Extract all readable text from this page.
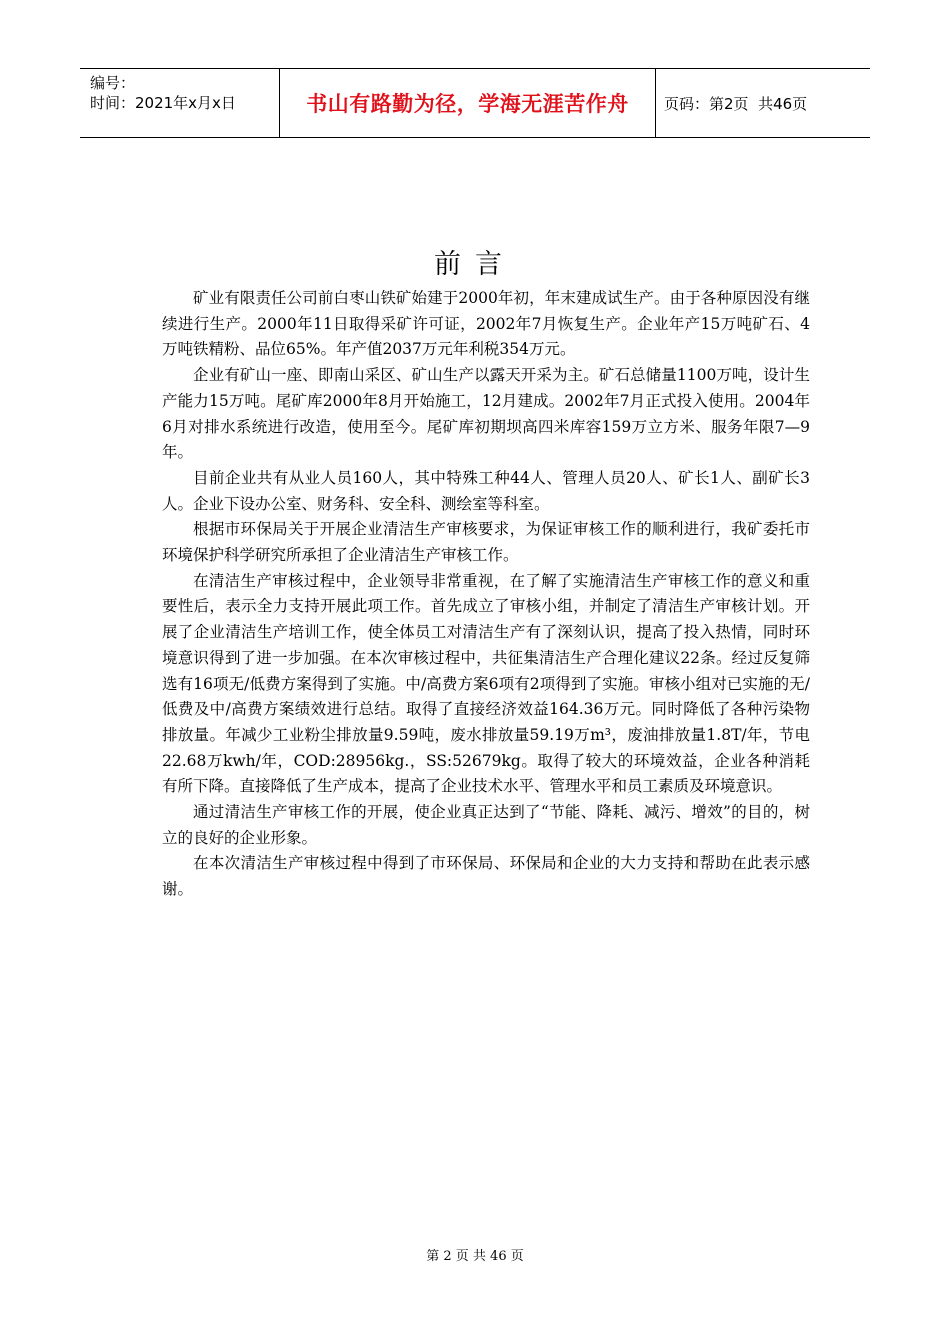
编号：
时间：2021年x月x日	书山有路勤为径，学海无涯苦作舟	页码：第2页  共46页
前言

矿业有限责任公司前白枣山铁矿始建于2000年初，年末建成试生产。由于各种原因没有继续进行生产。2000年11日取得采矿许可证，2002年7月恢复生产。企业年产15万吨矿石、4万吨铁精粉、品位65%。年产值2037万元年利税354万元。

企业有矿山一座、即南山采区、矿山生产以露天开采为主。矿石总储量1100万吨，设计生产能力15万吨。尾矿库2000年8月开始施工，12月建成。2002年7月正式投入使用。2004年6月对排水系统进行改造，使用至今。尾矿库初期坝高四米库容159万立方米、服务年限7—9年。

目前企业共有从业人员160人，其中特殊工种44人、管理人员20人、矿长1人、副矿长3人。企业下设办公室、财务科、安全科、测绘室等科室。

根据市环保局关于开展企业清洁生产审核要求，为保证审核工作的顺利进行，我矿委托市环境保护科学研究所承担了企业清洁生产审核工作。

在清洁生产审核过程中，企业领导非常重视，在了解了实施清洁生产审核工作的意义和重要性后，表示全力支持开展此项工作。首先成立了审核小组，并制定了清洁生产审核计划。开展了企业清洁生产培训工作，使全体员工对清洁生产有了深刻认识，提高了投入热情，同时环境意识得到了进一步加强。在本次审核过程中，共征集清洁生产合理化建议22条。经过反复筛选有16项无/低费方案得到了实施。中/高费方案6项有2项得到了实施。审核小组对已实施的无/低费及中/高费方案绩效进行总结。取得了直接经济效益164.36万元。同时降低了各种污染物排放量。年减少工业粉尘排放量9.59吨，废水排放量59.19万m³，废油排放量1.8T/年，节电22.68万kwh/年，COD:28956kg.，SS:52679kg。取得了较大的环境效益，企业各种消耗有所下降。直接降低了生产成本，提高了企业技术水平、管理水平和员工素质及环境意识。

通过清洁生产审核工作的开展，使企业真正达到了“节能、降耗、减污、增效”的目的，树立的良好的企业形象。

在本次清洁生产审核过程中得到了市环保局、环保局和企业的大力支持和帮助在此表示感谢。

第 2 页 共 46 页
